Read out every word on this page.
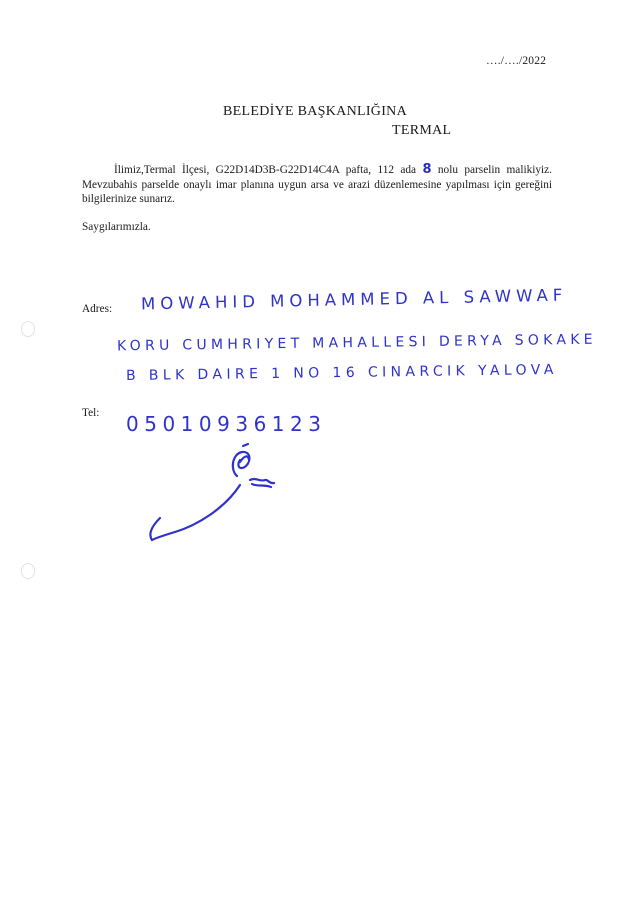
…./…./2022
BELEDİYE BAŞKANLIĞINA
TERMAL
İlimiz,Termal İlçesi, G22D14D3B-G22D14C4A pafta, 112 ada 8 nolu parselin malikiyiz. Mevzubahis parselde onaylı imar planına uygun arsa ve arazi düzenlemesine yapılması için gereğini bilgilerinize sunarız.
Saygılarımızla.
Adres: MOWAHID MOHAMMED AL SAWWAF
KORU CUMHRIYET MAHALLESI DERYA SOKAKE
B BLK DAIRE 1 NO 16 CINARCIK YALOVA
Tel: 05010936123
